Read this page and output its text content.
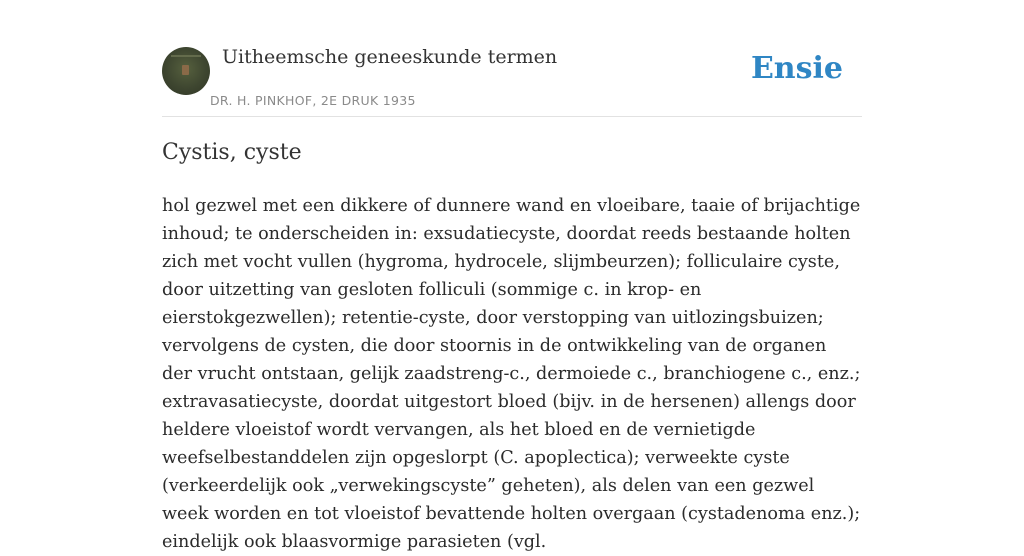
Uitheemsche geneeskunde termen
DR. H. PINKHOF, 2E DRUK 1935
Ensie
Cystis, cyste

hol gezwel met een dikkere of dunnere wand en vloeibare, taaie of brijachtige inhoud; te onderscheiden in: exsudatiecyste, doordat reeds bestaande holten zich met vocht vullen (hygroma, hydrocele, slijmbeurzen); folliculaire cyste, door uitzetting van gesloten folliculi (sommige c. in krop- en eierstokgezwellen); retentie-cyste, door verstopping van uitlozingsbuizen; vervolgens de cysten, die door stoornis in de ontwikkeling van de organen der vrucht ontstaan, gelijk zaadstreng-c., dermoiede c., branchiogene c., enz.; extravasatiecyste, doordat uitgestort bloed (bijv. in de hersenen) allengs door heldere vloeistof wordt vervangen, als het bloed en de vernietigde weefselbestanddelen zijn opgeslorpt (C. apoplectica); verweekte cyste (verkeerdelijk ook „verwekingscyste” geheten), als delen van een gezwel week worden en tot vloeistof bevattende holten overgaan (cystadenoma enz.); eindelijk ook blaasvormige parasieten (vgl.
